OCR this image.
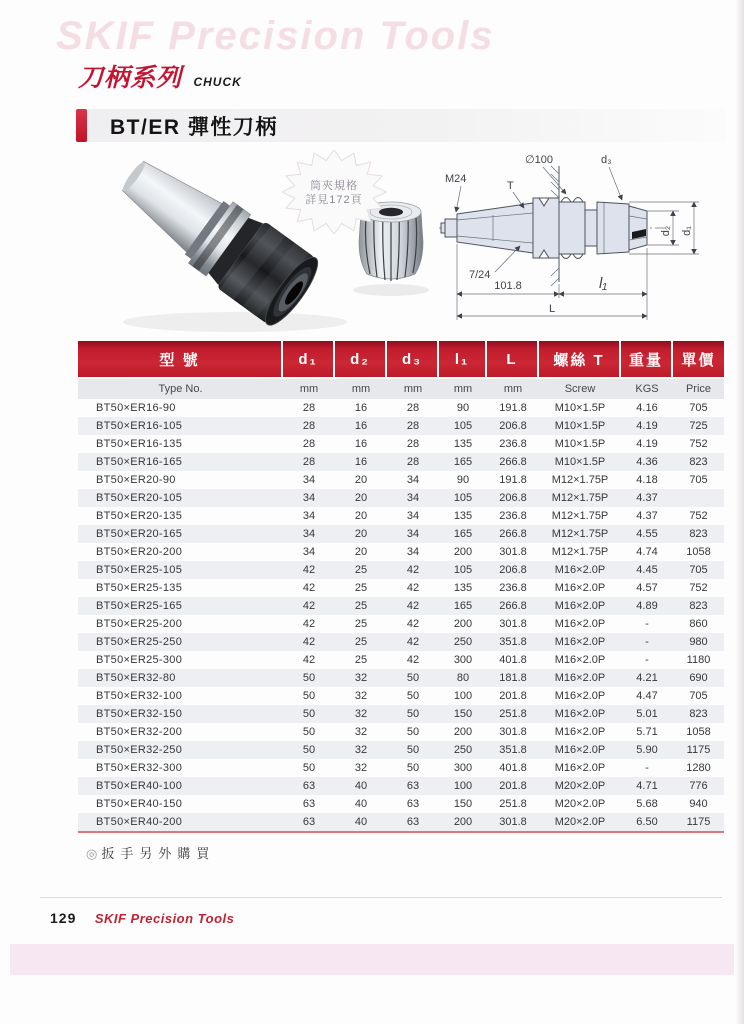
SKIF Precision Tools
刀柄系列 CHUCK
BT/ER 彈性刀柄
筒夾規格
詳見172頁
M24
T
∅100	d₃
d₂ d₁
7/24
101.8	l₁
L
型 號	d₁	d₂	d₃	l₁	L	螺絲 T	重量	單價
Type No.	mm	mm	mm	mm	mm	Screw	KGS	Price
BT50×ER16-90	28	16	28	90	191.8	M10×1.5P	4.16	705
BT50×ER16-105	28	16	28	105	206.8	M10×1.5P	4.19	725
BT50×ER16-135	28	16	28	135	236.8	M10×1.5P	4.19	752
BT50×ER16-165	28	16	28	165	266.8	M10×1.5P	4.36	823
BT50×ER20-90	34	20	34	90	191.8	M12×1.75P	4.18	705
BT50×ER20-105	34	20	34	105	206.8	M12×1.75P	4.37	
BT50×ER20-135	34	20	34	135	236.8	M12×1.75P	4.37	752
BT50×ER20-165	34	20	34	165	266.8	M12×1.75P	4.55	823
BT50×ER20-200	34	20	34	200	301.8	M12×1.75P	4.74	1058
BT50×ER25-105	42	25	42	105	206.8	M16×2.0P	4.45	705
BT50×ER25-135	42	25	42	135	236.8	M16×2.0P	4.57	752
BT50×ER25-165	42	25	42	165	266.8	M16×2.0P	4.89	823
BT50×ER25-200	42	25	42	200	301.8	M16×2.0P	-	860
BT50×ER25-250	42	25	42	250	351.8	M16×2.0P	-	980
BT50×ER25-300	42	25	42	300	401.8	M16×2.0P	-	1180
BT50×ER32-80	50	32	50	80	181.8	M16×2.0P	4.21	690
BT50×ER32-100	50	32	50	100	201.8	M16×2.0P	4.47	705
BT50×ER32-150	50	32	50	150	251.8	M16×2.0P	5.01	823
BT50×ER32-200	50	32	50	200	301.8	M16×2.0P	5.71	1058
BT50×ER32-250	50	32	50	250	351.8	M16×2.0P	5.90	1175
BT50×ER32-300	50	32	50	300	401.8	M16×2.0P	-	1280
BT50×ER40-100	63	40	63	100	201.8	M20×2.0P	4.71	776
BT50×ER40-150	63	40	63	150	251.8	M20×2.0P	5.68	940
BT50×ER40-200	63	40	63	200	301.8	M20×2.0P	6.50	1175
◎ 扳手另外購買
129 SKIF Precision Tools
